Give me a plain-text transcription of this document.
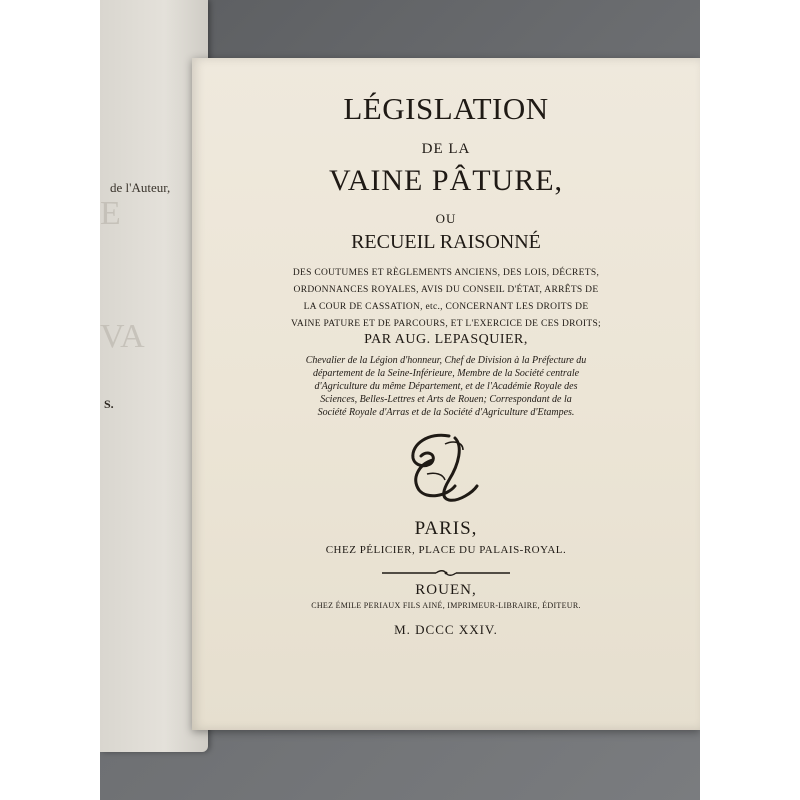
de l'Auteur,
E
VA
S.
LÉGISLATION
DE LA
VAINE PÂTURE,
OU
RECUEIL RAISONNÉ
DES COUTUMES ET RÈGLEMENTS ANCIENS, DES LOIS, DÉCRETS,
ORDONNANCES ROYALES, AVIS DU CONSEIL D'ÉTAT, ARRÊTS DE
LA COUR DE CASSATION, etc., CONCERNANT LES DROITS DE
VAINE PATURE ET DE PARCOURS, ET L'EXERCICE DE CES DROITS;
PAR AUG. LEPASQUIER,
Chevalier de la Légion d'honneur, Chef de Division à la Préfecture du
département de la Seine-Inférieure, Membre de la Société centrale
d'Agriculture du même Département, et de l'Académie Royale des
Sciences, Belles-Lettres et Arts de Rouen; Correspondant de la
Société Royale d'Arras et de la Société d'Agriculture d'Etampes.
PARIS,
CHEZ PÉLICIER, PLACE DU PALAIS-ROYAL.
ROUEN,
CHEZ ÉMILE PERIAUX FILS AINÉ, IMPRIMEUR-LIBRAIRE, ÉDITEUR.
M. DCCC XXIV.
